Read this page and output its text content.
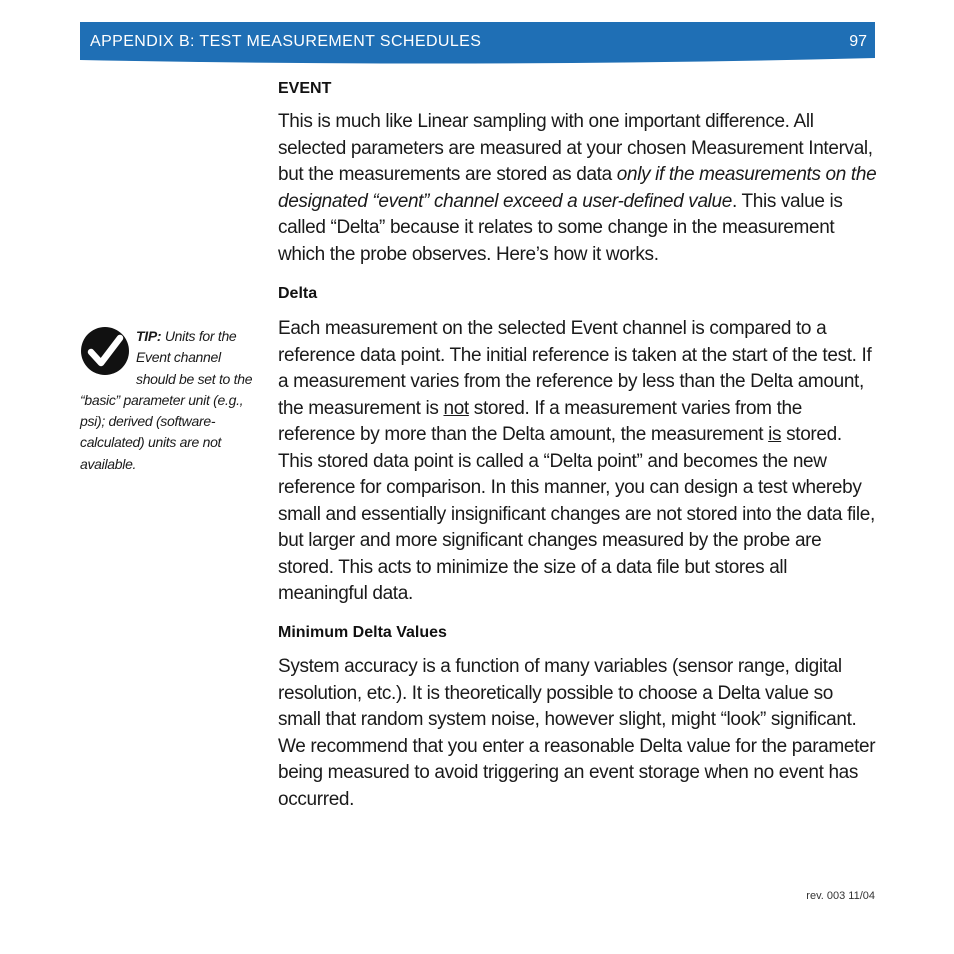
APPENDIX B: TEST MEASUREMENT SCHEDULES	97
EVENT

This is much like Linear sampling with one important difference. All selected parameters are measured at your chosen Measurement Interval, but the measurements are stored as data only if the measurements on the designated “event” channel exceed a user-defined value. This value is called “Delta” because it relates to some change in the measurement which the probe observes. Here’s how it works.

Delta

Each measurement on the selected Event channel is compared to a reference data point. The initial reference is taken at the start of the test. If a measurement varies from the reference by less than the Delta amount, the measurement is not stored. If a measurement varies from the reference by more than the Delta amount, the measurement is stored. This stored data point is called a “Delta point” and becomes the new reference for comparison. In this manner, you can design a test whereby small and essentially insignificant changes are not stored into the data file, but larger and more significant changes measured by the probe are stored. This acts to minimize the size of a data file but stores all meaningful data.

Minimum Delta Values

System accuracy is a function of many variables (sensor range, digital resolution, etc.). It is theoretically possible to choose a Delta value so small that random system noise, however slight, might “look” significant. We recommend that you enter a reasonable Delta value for the parameter being measured to avoid triggering an event storage when no event has occurred.

TIP: Units for the Event channel should be set to the “basic” parameter unit (e.g., psi); derived (software-calculated) units are not available.
rev. 003 11/04
